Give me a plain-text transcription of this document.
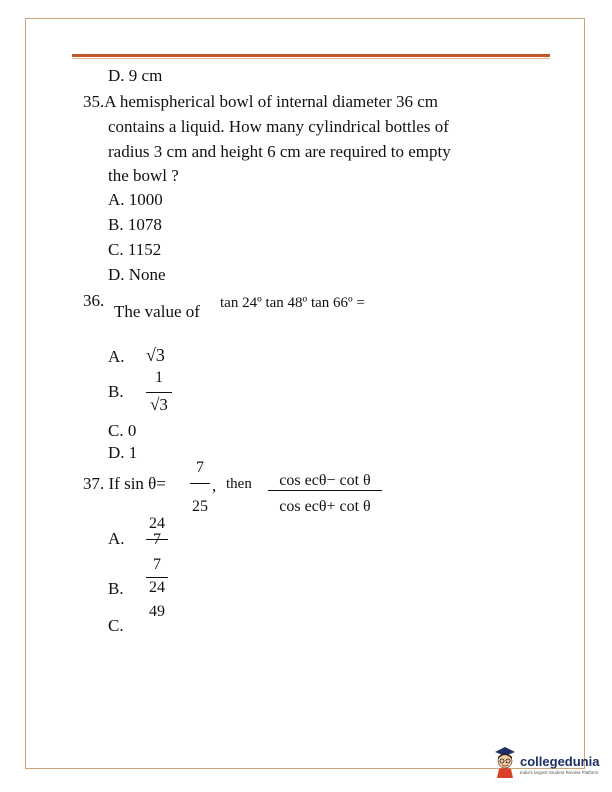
D. 9 cm
35.A hemispherical bowl of internal diameter 36 cm
contains a liquid. How many cylindrical bottles of
radius 3 cm and height 6 cm are required to empty
the bowl ?
A. 1000
B. 1078
C. 1152
D. None
36.
The value of tan 24º tan 48º tan 66º =
A. √3
B.
1
√3
C. 0
D. 1
37. If sin θ=
7
25
, then	cos ecθ− cot θ
cos ecθ+ cot θ
A.
24
7
7
B.	24
49
C.
collegedunia
India's largest Student Review Platform
